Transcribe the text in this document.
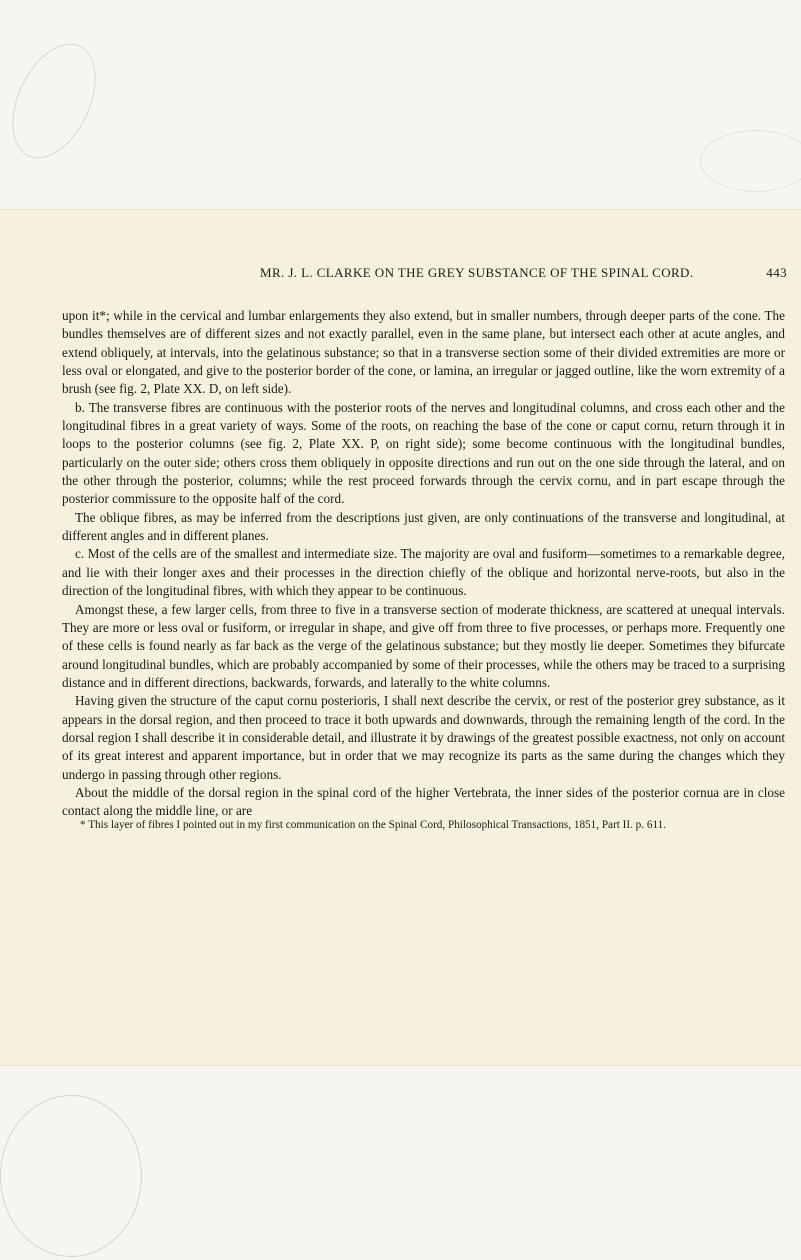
MR. J. L. CLARKE ON THE GREY SUBSTANCE OF THE SPINAL CORD.	443

upon it*; while in the cervical and lumbar enlargements they also extend, but in smaller numbers, through deeper parts of the cone. The bundles themselves are of different sizes and not exactly parallel, even in the same plane, but intersect each other at acute angles, and extend obliquely, at intervals, into the gelatinous substance; so that in a transverse section some of their divided extremities are more or less oval or elongated, and give to the posterior border of the cone, or lamina, an irregular or jagged outline, like the worn extremity of a brush (see fig. 2, Plate XX. D, on left side).

b. The transverse fibres are continuous with the posterior roots of the nerves and longitudinal columns, and cross each other and the longitudinal fibres in a great variety of ways. Some of the roots, on reaching the base of the cone or caput cornu, return through it in loops to the posterior columns (see fig. 2, Plate XX. P, on right side); some become continuous with the longitudinal bundles, particularly on the outer side; others cross them obliquely in opposite directions and run out on the one side through the lateral, and on the other through the posterior, columns; while the rest proceed forwards through the cervix cornu, and in part escape through the posterior commissure to the opposite half of the cord.

The oblique fibres, as may be inferred from the descriptions just given, are only continuations of the transverse and longitudinal, at different angles and in different planes.

c. Most of the cells are of the smallest and intermediate size. The majority are oval and fusiform—sometimes to a remarkable degree, and lie with their longer axes and their processes in the direction chiefly of the oblique and horizontal nerve-roots, but also in the direction of the longitudinal fibres, with which they appear to be continuous.

Amongst these, a few larger cells, from three to five in a transverse section of moderate thickness, are scattered at unequal intervals. They are more or less oval or fusiform, or irregular in shape, and give off from three to five processes, or perhaps more. Frequently one of these cells is found nearly as far back as the verge of the gelatinous substance; but they mostly lie deeper. Sometimes they bifurcate around longitudinal bundles, which are probably accompanied by some of their processes, while the others may be traced to a surprising distance and in different directions, backwards, forwards, and laterally to the white columns.

Having given the structure of the caput cornu posterioris, I shall next describe the cervix, or rest of the posterior grey substance, as it appears in the dorsal region, and then proceed to trace it both upwards and downwards, through the remaining length of the cord. In the dorsal region I shall describe it in considerable detail, and illustrate it by drawings of the greatest possible exactness, not only on account of its great interest and apparent importance, but in order that we may recognize its parts as the same during the changes which they undergo in passing through other regions.

About the middle of the dorsal region in the spinal cord of the higher Vertebrata, the inner sides of the posterior cornua are in close contact along the middle line, or are

* This layer of fibres I pointed out in my first communication on the Spinal Cord, Philosophical Transactions, 1851, Part II. p. 611.
